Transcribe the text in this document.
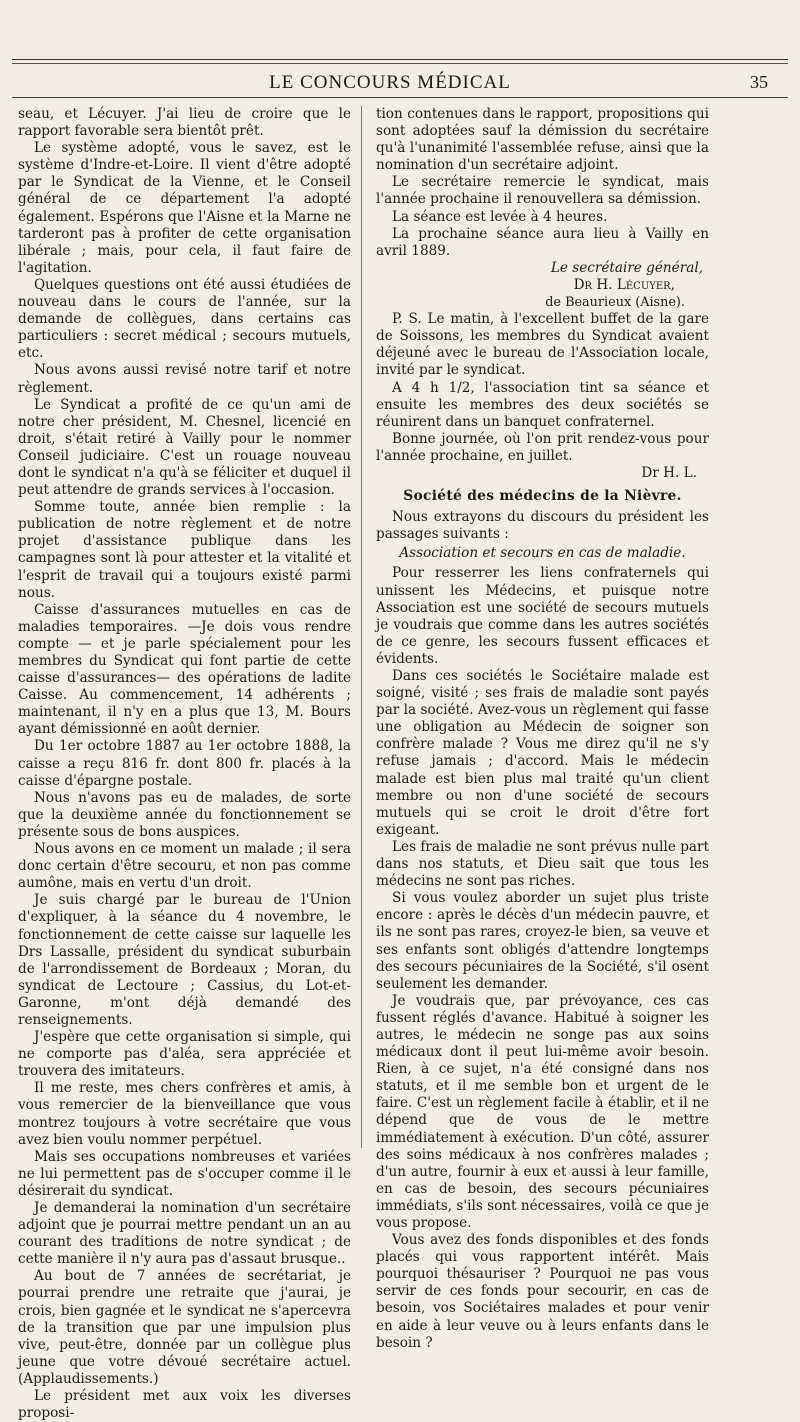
LE CONCOURS MÉDICAL	35

seau, et Lécuyer. J'ai lieu de croire que le rapport favorable sera bientôt prêt.

Le système adopté, vous le savez, est le système d'Indre-et-Loire. Il vient d'être adopté par le Syndicat de la Vienne, et le Conseil général de ce département l'a adopté également. Espérons que l'Aisne et la Marne ne tarderont pas à profiter de cette organisation libérale ; mais, pour cela, il faut faire de l'agitation.

Quelques questions ont été aussi étudiées de nouveau dans le cours de l'année, sur la demande de collègues, dans certains cas particuliers : secret médical ; secours mutuels, etc.

Nous avons aussi revisé notre tarif et notre règlement.

Le Syndicat a profité de ce qu'un ami de notre cher président, M. Chesnel, licencié en droit, s'était retiré à Vailly pour le nommer Conseil judiciaire. C'est un rouage nouveau dont le syndicat n'a qu'à se féliciter et duquel il peut attendre de grands services à l'occasion.

Somme toute, année bien remplie : la publication de notre règlement et de notre projet d'assistance publique dans les campagnes sont là pour attester et la vitalité et l'esprit de travail qui a toujours existé parmi nous.

Caisse d'assurances mutuelles en cas de maladies temporaires. —Je dois vous rendre compte — et je parle spécialement pour les membres du Syndicat qui font partie de cette caisse d'assurances— des opérations de ladite Caisse. Au commencement, 14 adhérents ; maintenant, il n'y en a plus que 13, M. Bours ayant démissionné en août dernier.

Du 1er octobre 1887 au 1er octobre 1888, la caisse a reçu 816 fr. dont 800 fr. placés à la caisse d'épargne postale.

Nous n'avons pas eu de malades, de sorte que la deuxième année du fonctionnement se présente sous de bons auspices.

Nous avons en ce moment un malade ; il sera donc certain d'être secouru, et non pas comme aumône, mais en vertu d'un droit.

Je suis chargé par le bureau de l'Union d'expliquer, à la séance du 4 novembre, le fonctionnement de cette caisse sur laquelle les Drs Lassalle, président du syndicat suburbain de l'arrondissement de Bordeaux ; Moran, du syndicat de Lectoure ; Cassius, du Lot-et-Garonne, m'ont déjà demandé des renseignements.

J'espère que cette organisation si simple, qui ne comporte pas d'aléa, sera appréciée et trouvera des imitateurs.

Il me reste, mes chers confrères et amis, à vous remercier de la bienveillance que vous montrez toujours à votre secrétaire que vous avez bien voulu nommer perpétuel.

Mais ses occupations nombreuses et variées ne lui permettent pas de s'occuper comme il le désirerait du syndicat.

Je demanderai la nomination d'un secrétaire adjoint que je pourrai mettre pendant un an au courant des traditions de notre syndicat ; de cette manière il n'y aura pas d'assaut brusque..

Au bout de 7 années de secrétariat, je pourrai prendre une retraite que j'aurai, je crois, bien gagnée et le syndicat ne s'apercevra de la transition que par une impulsion plus vive, peut-être, donnée par un collègue plus jeune que votre dévoué secrétaire actuel. (Applaudissements.)

Le président met aux voix les diverses proposi-

tion contenues dans le rapport, propositions qui sont adoptées sauf la démission du secrétaire qu'à l'unanimité l'assemblée refuse, ainsi que la nomination d'un secrétaire adjoint.

Le secrétaire remercie le syndicat, mais l'année prochaine il renouvellera sa démission.

La séance est levée à 4 heures.

La prochaine séance aura lieu à Vailly en avril 1889.

Le secrétaire général,

Dr H. Lécuyer,

de Beaurieux (Aisne).

P. S. Le matin, à l'excellent buffet de la gare de Soissons, les membres du Syndicat avaient déjeuné avec le bureau de l'Association locale, invité par le syndicat.

A 4 h 1/2, l'association tint sa séance et ensuite les membres des deux sociétés se réunirent dans un banquet confraternel.

Bonne journée, où l'on prit rendez-vous pour l'année prochaine, en juillet.

Dr H. L.

Société des médecins de la Nièvre.

Nous extrayons du discours du président les passages suivants :

Association et secours en cas de maladie.

Pour resserrer les liens confraternels qui unissent les Médecins, et puisque notre Association est une société de secours mutuels je voudrais que comme dans les autres sociétés de ce genre, les secours fussent efficaces et évidents.

Dans ces sociétés le Sociétaire malade est soigné, visité ; ses frais de maladie sont payés par la société. Avez-vous un règlement qui fasse une obligation au Médecin de soigner son confrère malade ? Vous me direz qu'il ne s'y refuse jamais ; d'accord. Mais le médecin malade est bien plus mal traité qu'un client membre ou non d'une société de secours mutuels qui se croit le droit d'être fort exigeant.

Les frais de maladie ne sont prévus nulle part dans nos statuts, et Dieu sait que tous les médecins ne sont pas riches.

Si vous voulez aborder un sujet plus triste encore : après le décès d'un médecin pauvre, et ils ne sont pas rares, croyez-le bien, sa veuve et ses enfants sont obligés d'attendre longtemps des secours pécuniaires de la Société, s'il osent seulement les demander.

Je voudrais que, par prévoyance, ces cas fussent réglés d'avance. Habitué à soigner les autres, le médecin ne songe pas aux soins médicaux dont il peut lui-même avoir besoin. Rien, à ce sujet, n'a été consigné dans nos statuts, et il me semble bon et urgent de le faire. C'est un règlement facile à établir, et il ne dépend que de vous de le mettre immédiatement à exécution. D'un côté, assurer des soins médicaux à nos confrères malades ; d'un autre, fournir à eux et aussi à leur famille, en cas de besoin, des secours pécuniaires immédiats, s'ils sont nécessaires, voilà ce que je vous propose.

Vous avez des fonds disponibles et des fonds placés qui vous rapportent intérêt. Mais pourquoi thésauriser ? Pourquoi ne pas vous servir de ces fonds pour secourir, en cas de besoin, vos Sociétaires malades et pour venir en aide à leur veuve ou à leurs enfants dans le besoin ?
